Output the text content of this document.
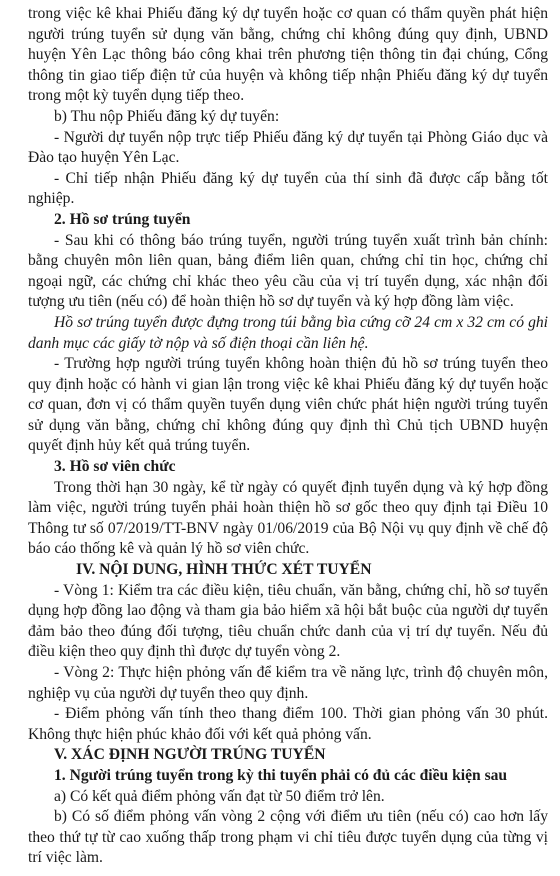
trong việc kê khai Phiếu đăng ký dự tuyển hoặc cơ quan có thẩm quyền phát hiện người trúng tuyển sử dụng văn bằng, chứng chỉ không đúng quy định, UBND huyện Yên Lạc thông báo công khai trên phương tiện thông tin đại chúng, Cổng thông tin giao tiếp điện tử của huyện và không tiếp nhận Phiếu đăng ký dự tuyển trong một kỳ tuyển dụng tiếp theo.

b) Thu nộp Phiếu đăng ký dự tuyển:

- Người dự tuyển nộp trực tiếp Phiếu đăng ký dự tuyển tại Phòng Giáo dục và Đào tạo huyện Yên Lạc.

- Chỉ tiếp nhận Phiếu đăng ký dự tuyển của thí sinh đã được cấp bằng tốt nghiệp.

2. Hồ sơ trúng tuyển

- Sau khi có thông báo trúng tuyển, người trúng tuyển xuất trình bản chính: bằng chuyên môn liên quan, bảng điểm liên quan, chứng chỉ tin học, chứng chỉ ngoại ngữ, các chứng chỉ khác theo yêu cầu của vị trí tuyển dụng, xác nhận đối tượng ưu tiên (nếu có) để hoàn thiện hồ sơ dự tuyển và ký hợp đồng làm việc.

Hồ sơ trúng tuyển được đựng trong túi bằng bìa cứng cỡ 24 cm x 32 cm có ghi danh mục các giấy tờ nộp và số điện thoại cần liên hệ.

- Trường hợp người trúng tuyển không hoàn thiện đủ hồ sơ trúng tuyển theo quy định hoặc có hành vi gian lận trong việc kê khai Phiếu đăng ký dự tuyển hoặc cơ quan, đơn vị có thẩm quyền tuyển dụng viên chức phát hiện người trúng tuyển sử dụng văn bằng, chứng chỉ không đúng quy định thì Chủ tịch UBND huyện quyết định hủy kết quả trúng tuyển.

3. Hồ sơ viên chức

Trong thời hạn 30 ngày, kể từ ngày có quyết định tuyển dụng và ký hợp đồng làm việc, người trúng tuyển phải hoàn thiện hồ sơ gốc theo quy định tại Điều 10 Thông tư số 07/2019/TT-BNV ngày 01/06/2019 của Bộ Nội vụ quy định về chế độ báo cáo thống kê và quản lý hồ sơ viên chức.

IV. NỘI DUNG, HÌNH THỨC XÉT TUYỂN

- Vòng 1: Kiểm tra các điều kiện, tiêu chuẩn, văn bằng, chứng chỉ, hồ sơ tuyển dụng hợp đồng lao động và tham gia bảo hiểm xã hội bắt buộc của người dự tuyển đảm bảo theo đúng đối tượng, tiêu chuẩn chức danh của vị trí dự tuyển. Nếu đủ điều kiện theo quy định thì được dự tuyển vòng 2.

- Vòng 2: Thực hiện phỏng vấn để kiểm tra về năng lực, trình độ chuyên môn, nghiệp vụ của người dự tuyển theo quy định.

- Điểm phỏng vấn tính theo thang điểm 100. Thời gian phỏng vấn 30 phút. Không thực hiện phúc khảo đối với kết quả phỏng vấn.

V. XÁC ĐỊNH NGƯỜI TRÚNG TUYỂN

1. Người trúng tuyển trong kỳ thi tuyển phải có đủ các điều kiện sau

a) Có kết quả điểm phỏng vấn đạt từ 50 điểm trở lên.

b) Có số điểm phỏng vấn vòng 2 cộng với điểm ưu tiên (nếu có) cao hơn lấy theo thứ tự từ cao xuống thấp trong phạm vi chỉ tiêu được tuyển dụng của từng vị trí việc làm.
